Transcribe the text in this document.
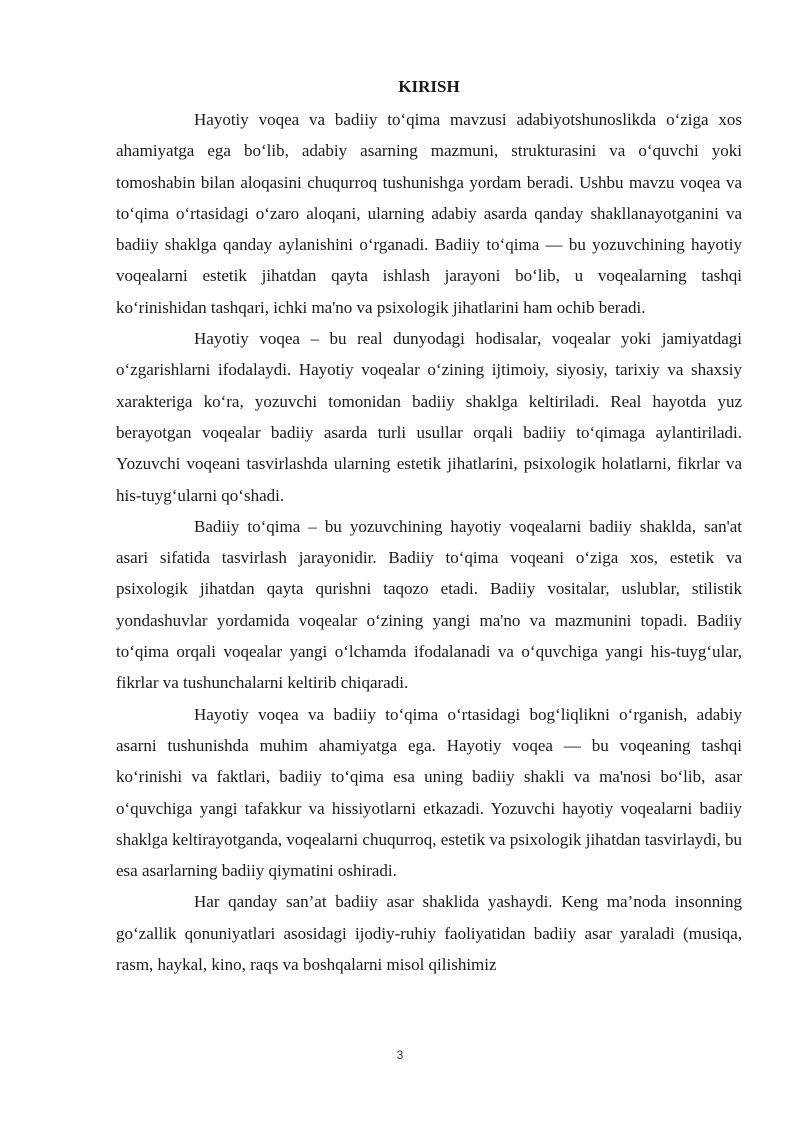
KIRISH

Hayotiy voqea va badiiy to‘qima mavzusi adabiyotshunoslikda o‘ziga xos ahamiyatga ega bo‘lib, adabiy asarning mazmuni, strukturasini va o‘quvchi yoki tomoshabin bilan aloqasini chuqurroq tushunishga yordam beradi. Ushbu mavzu voqea va to‘qima o‘rtasidagi o‘zaro aloqani, ularning adabiy asarda qanday shakllanayotganini va badiiy shaklga qanday aylanishini o‘rganadi. Badiiy to‘qima — bu yozuvchining hayotiy voqealarni estetik jihatdan qayta ishlash jarayoni bo‘lib, u voqealarning tashqi ko‘rinishidan tashqari, ichki ma'no va psixologik jihatlarini ham ochib beradi.

Hayotiy voqea – bu real dunyodagi hodisalar, voqealar yoki jamiyatdagi o‘zgarishlarni ifodalaydi. Hayotiy voqealar o‘zining ijtimoiy, siyosiy, tarixiy va shaxsiy xarakteriga ko‘ra, yozuvchi tomonidan badiiy shaklga keltiriladi. Real hayotda yuz berayotgan voqealar badiiy asarda turli usullar orqali badiiy to‘qimaga aylantiriladi. Yozuvchi voqeani tasvirlashda ularning estetik jihatlarini, psixologik holatlarni, fikrlar va his-tuyg‘ularni qo‘shadi.

Badiiy to‘qima – bu yozuvchining hayotiy voqealarni badiiy shaklda, san'at asari sifatida tasvirlash jarayonidir. Badiiy to‘qima voqeani o‘ziga xos, estetik va psixologik jihatdan qayta qurishni taqozo etadi. Badiiy vositalar, uslublar, stilistik yondashuvlar yordamida voqealar o‘zining yangi ma'no va mazmunini topadi. Badiiy to‘qima orqali voqealar yangi o‘lchamda ifodalanadi va o‘quvchiga yangi his-tuyg‘ular, fikrlar va tushunchalarni keltirib chiqaradi.

Hayotiy voqea va badiiy to‘qima o‘rtasidagi bog‘liqlikni o‘rganish, adabiy asarni tushunishda muhim ahamiyatga ega. Hayotiy voqea — bu voqeaning tashqi ko‘rinishi va faktlari, badiiy to‘qima esa uning badiiy shakli va ma'nosi bo‘lib, asar o‘quvchiga yangi tafakkur va hissiyotlarni etkazadi. Yozuvchi hayotiy voqealarni badiiy shaklga keltirayotganda, voqealarni chuqurroq, estetik va psixologik jihatdan tasvirlaydi, bu esa asarlarning badiiy qiymatini oshiradi.

Har qanday san’at badiiy asar shaklida yashaydi. Keng ma’noda insonning go‘zallik qonuniyatlari asosidagi ijodiy-ruhiy faoliyatidan badiiy asar yaraladi (musiqa, rasm, haykal, kino, raqs va boshqalarni misol qilishimiz

3
